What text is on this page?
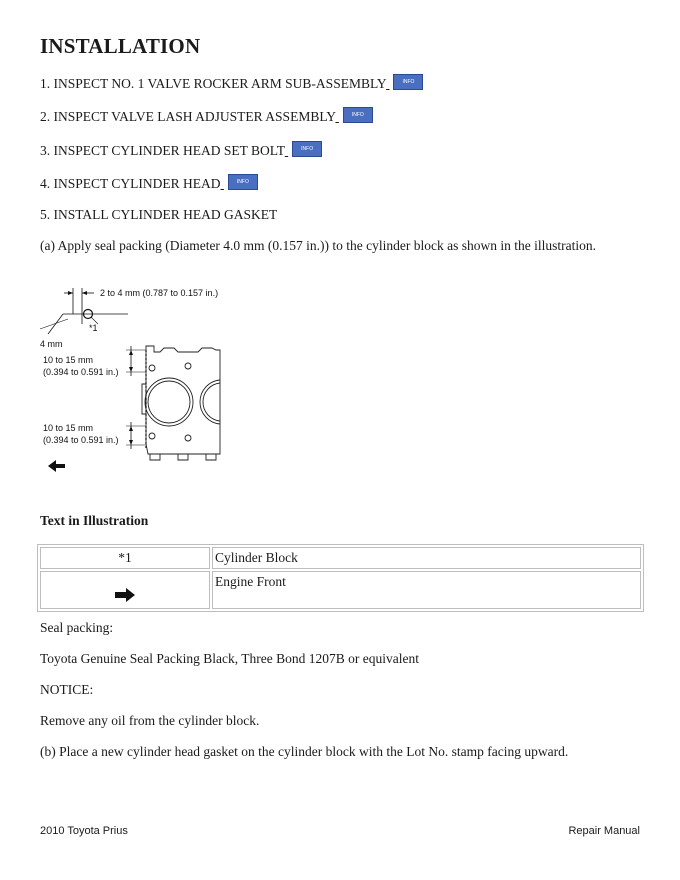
INSTALLATION
1. INSPECT NO. 1 VALVE ROCKER ARM SUB-ASSEMBLY	INFO
2. INSPECT VALVE LASH ADJUSTER ASSEMBLY	INFO
3. INSPECT CYLINDER HEAD SET BOLT	INFO
4. INSPECT CYLINDER HEAD	INFO
5. INSTALL CYLINDER HEAD GASKET
(a) Apply seal packing (Diameter 4.0 mm (0.157 in.)) to the cylinder block as shown in the illustration.
2 to 4 mm (0.787 to 0.157 in.)
*1
4 mm
10 to 15 mm
(0.394 to 0.591 in.)
10 to 15 mm
(0.394 to 0.591 in.)
Text in Illustration
*1	Cylinder Block
	Engine Front
Seal packing:
Toyota Genuine Seal Packing Black, Three Bond 1207B or equivalent
NOTICE:
Remove any oil from the cylinder block.
(b) Place a new cylinder head gasket on the cylinder block with the Lot No. stamp facing upward.
2010 Toyota Prius	Repair Manual
